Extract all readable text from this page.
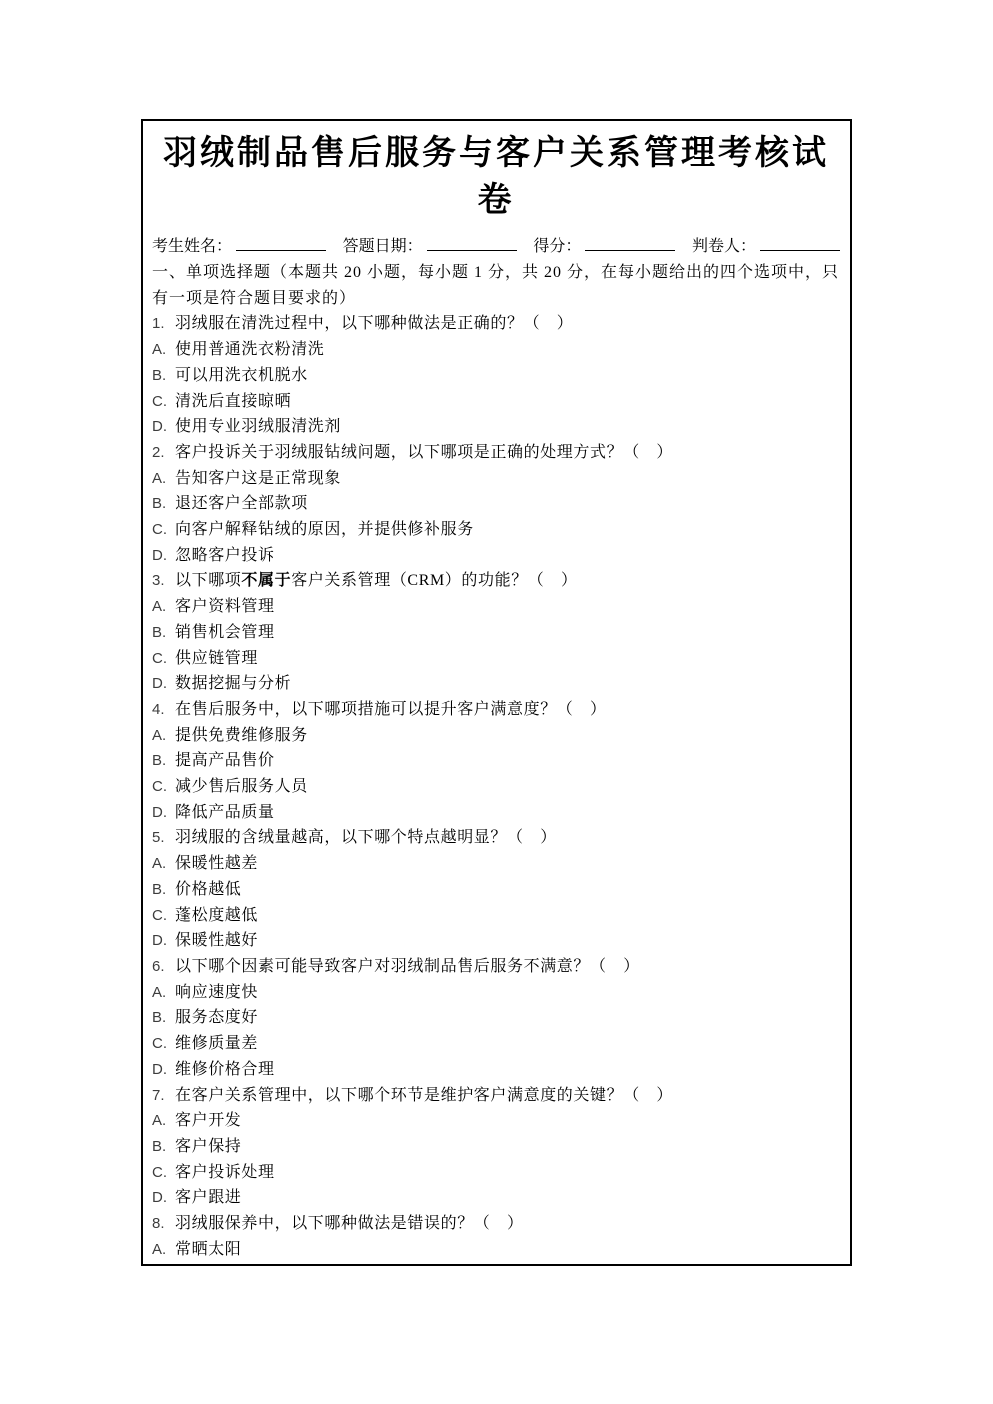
羽绒制品售后服务与客户关系管理考核试卷
考生姓名：	答题日期：	得分：	判卷人：

一、单项选择题（本题共 20 小题，每小题 1 分，共 20 分，在每小题给出的四个选项中，只有一项是符合题目要求的）

1. 羽绒服在清洗过程中，以下哪种做法是正确的？（　）
A. 使用普通洗衣粉清洗
B. 可以用洗衣机脱水
C. 清洗后直接晾晒
D. 使用专业羽绒服清洗剂
2. 客户投诉关于羽绒服钻绒问题，以下哪项是正确的处理方式？（　）
A. 告知客户这是正常现象
B. 退还客户全部款项
C. 向客户解释钻绒的原因，并提供修补服务
D. 忽略客户投诉
3. 以下哪项不属于客户关系管理（CRM）的功能？（　）
A. 客户资料管理
B. 销售机会管理
C. 供应链管理
D. 数据挖掘与分析
4. 在售后服务中，以下哪项措施可以提升客户满意度？（　）
A. 提供免费维修服务
B. 提高产品售价
C. 减少售后服务人员
D. 降低产品质量
5. 羽绒服的含绒量越高，以下哪个特点越明显？（　）
A. 保暖性越差
B. 价格越低
C. 蓬松度越低
D. 保暖性越好
6. 以下哪个因素可能导致客户对羽绒制品售后服务不满意？（　）
A. 响应速度快
B. 服务态度好
C. 维修质量差
D. 维修价格合理
7. 在客户关系管理中，以下哪个环节是维护客户满意度的关键？（　）
A. 客户开发
B. 客户保持
C. 客户投诉处理
D. 客户跟进
8. 羽绒服保养中，以下哪种做法是错误的？（　）
A. 常晒太阳
